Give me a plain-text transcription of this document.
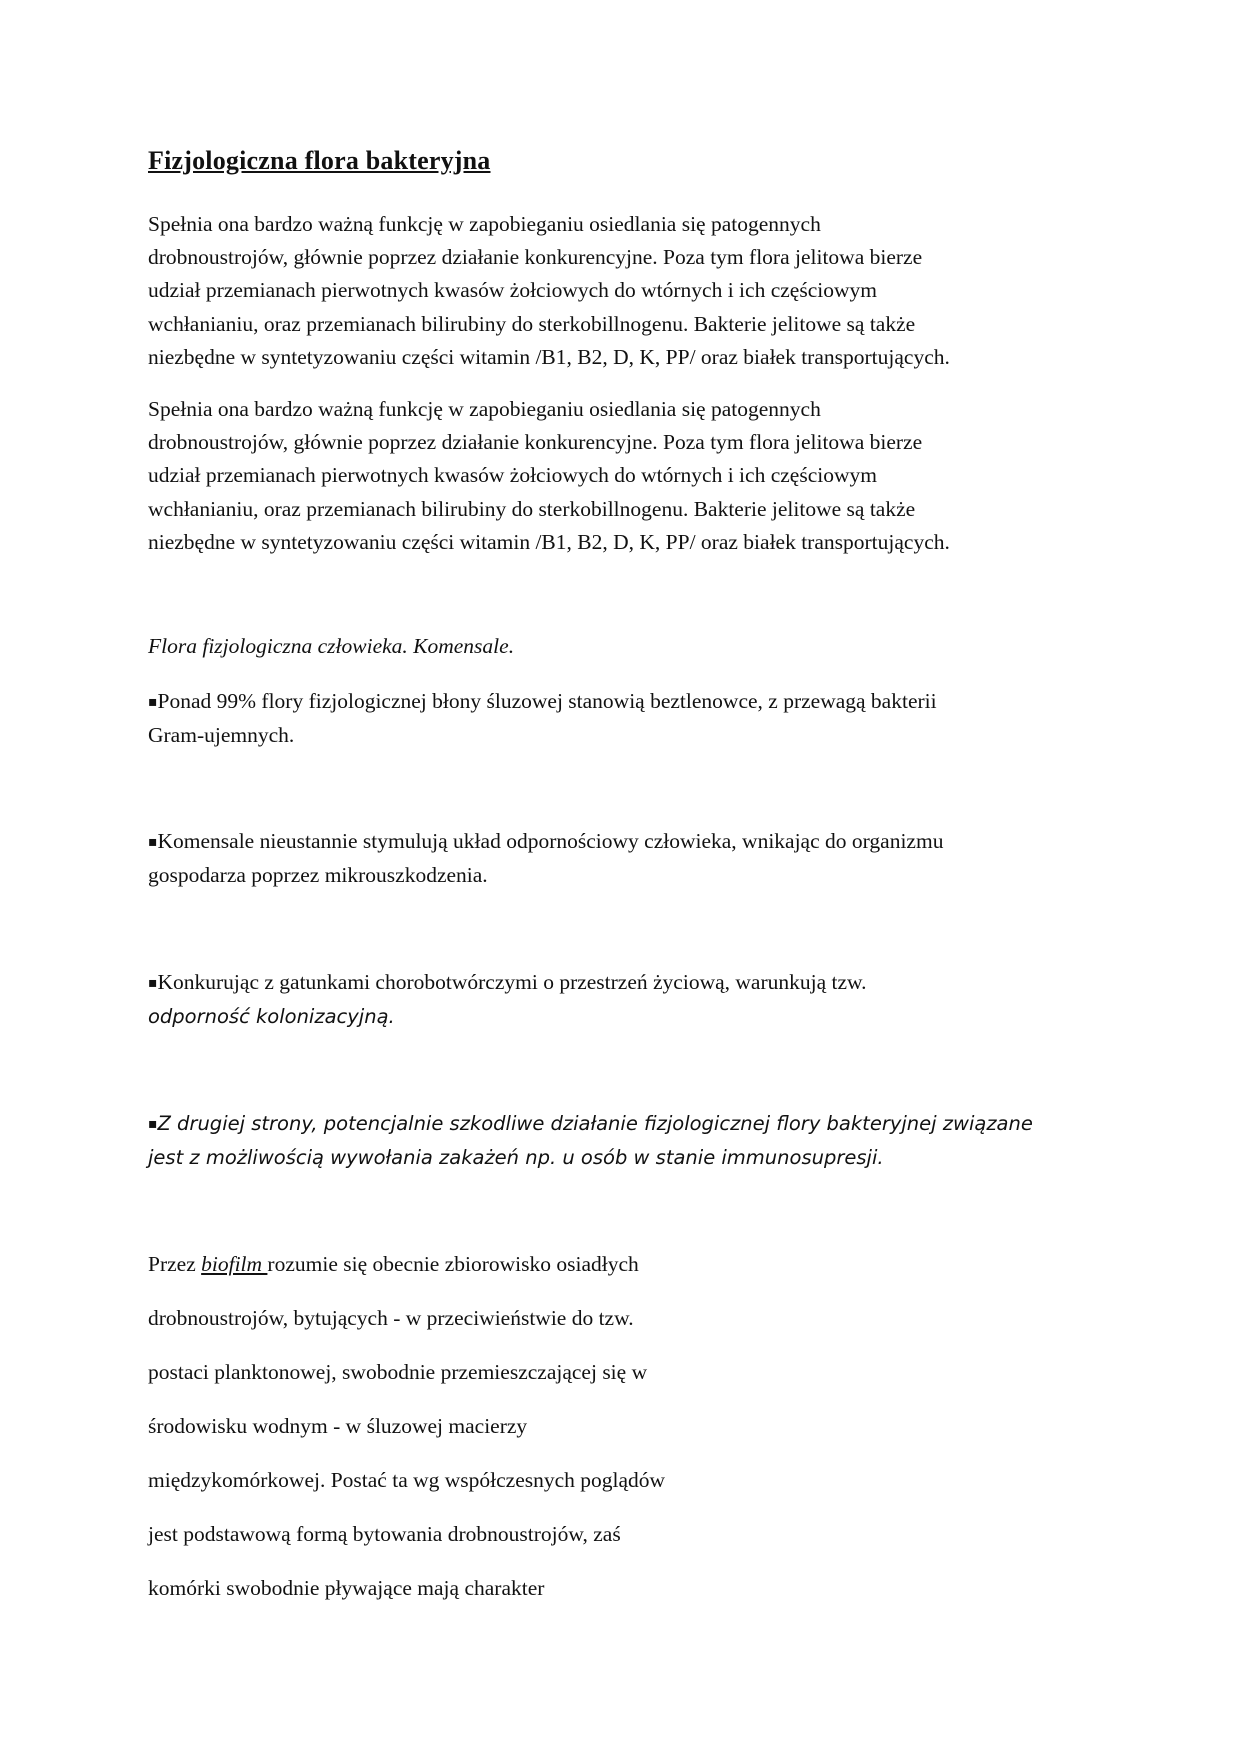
Fizjologiczna flora bakteryjna
Spełnia ona bardzo ważną funkcję w zapobieganiu osiedlania się patogennych
drobnoustrojów, głównie poprzez działanie konkurencyjne. Poza tym flora jelitowa bierze
udział przemianach pierwotnych kwasów żołciowych do wtórnych i ich częściowym
wchłanianiu, oraz przemianach bilirubiny do sterkobillnogenu. Bakterie jelitowe są także
niezbędne w syntetyzowaniu części witamin /B1, B2, D, K, PP/ oraz białek transportujących.
Spełnia ona bardzo ważną funkcję w zapobieganiu osiedlania się patogennych
drobnoustrojów, głównie poprzez działanie konkurencyjne. Poza tym flora jelitowa bierze
udział przemianach pierwotnych kwasów żołciowych do wtórnych i ich częściowym
wchłanianiu, oraz przemianach bilirubiny do sterkobillnogenu. Bakterie jelitowe są także
niezbędne w syntetyzowaniu części witamin /B1, B2, D, K, PP/ oraz białek transportujących.

Flora fizjologiczna człowieka. Komensale.

▪Ponad 99% flory fizjologicznej błony śluzowej stanowią beztlenowce, z przewagą bakterii
Gram-ujemnych.
▪Komensale nieustannie stymulują układ odpornościowy człowieka, wnikając do organizmu
gospodarza poprzez mikrouszkodzenia.
▪Konkurując z gatunkami chorobotwórczymi o przestrzeń życiową, warunkują tzw.
odporność kolonizacyjną.
▪Z drugiej strony, potencjalnie szkodliwe działanie fizjologicznej flory bakteryjnej związane
jest z możliwością wywołania zakażeń np. u osób w stanie immunosupresji.

Przez biofilm rozumie się obecnie zbiorowisko osiadłych

drobnoustrojów, bytujących - w przeciwieństwie do tzw.

postaci planktonowej, swobodnie przemieszczającej się w

środowisku wodnym - w śluzowej macierzy

międzykomórkowej. Postać ta wg współczesnych poglądów

jest podstawową formą bytowania drobnoustrojów, zaś

komórki swobodnie pływające mają charakter
